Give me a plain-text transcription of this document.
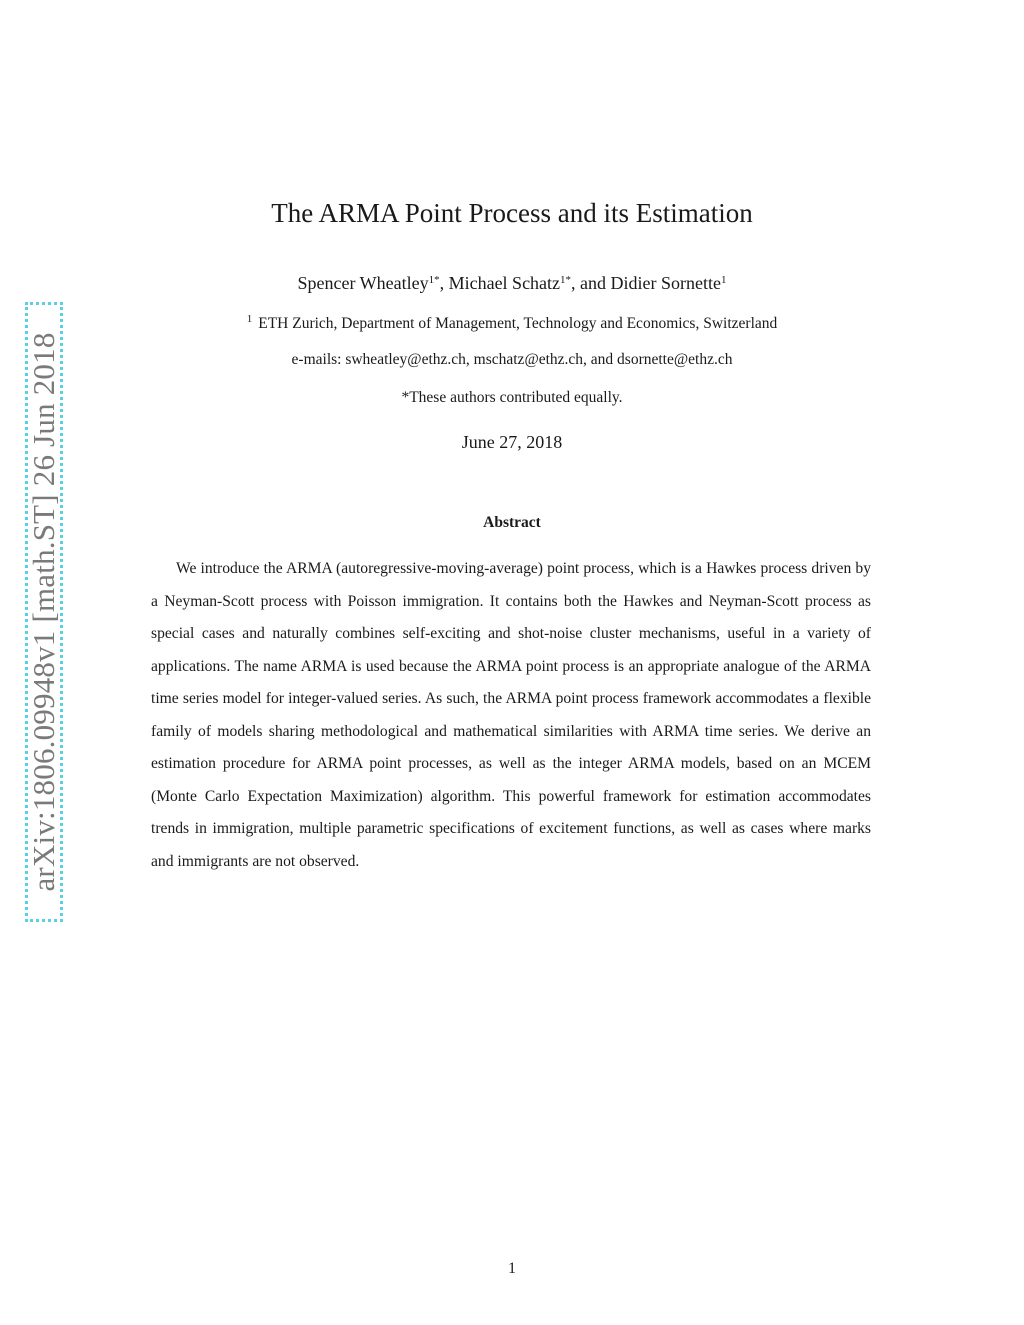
arXiv:1806.09948v1 [math.ST] 26 Jun 2018
The ARMA Point Process and its Estimation
Spencer Wheatley$^{1*}$, Michael Schatz$^{1*}$, and Didier Sornette$^1$
$^1$ ETH Zurich, Department of Management, Technology and Economics, Switzerland
e-mails: swheatley@ethz.ch, mschatz@ethz.ch, and dsornette@ethz.ch
*These authors contributed equally.
June 27, 2018
Abstract

We introduce the ARMA (autoregressive-moving-average) point process, which is a Hawkes process driven by a Neyman-Scott process with Poisson immigration. It contains both the Hawkes and Neyman-Scott process as special cases and naturally combines self-exciting and shot-noise cluster mechanisms, useful in a variety of applications. The name ARMA is used because the ARMA point process is an appropriate analogue of the ARMA time series model for integer-valued series. As such, the ARMA point process framework accommodates a flexible family of models sharing methodological and mathematical similarities with ARMA time series. We derive an estimation procedure for ARMA point processes, as well as the integer ARMA models, based on an MCEM (Monte Carlo Expectation Maximization) algorithm. This powerful framework for estimation accommodates trends in immigration, multiple parametric specifications of excitement functions, as well as cases where marks and immigrants are not observed.

1
